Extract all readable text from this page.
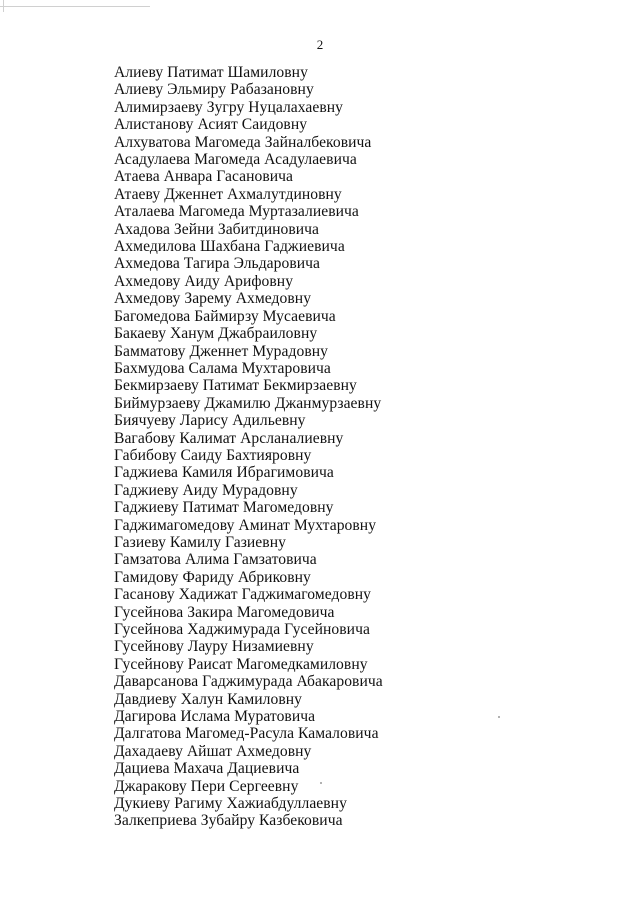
2
Алиеву Патимат Шамиловну
Алиеву Эльмиру Рабазановну
Алимирзаеву Зугру Нуцалахаевну
Алистанову Асият Саидовну
Алхуватова Магомеда Зайналбековича
Асадулаева Магомеда Асадулаевича
Атаева Анвара Гасановича
Атаеву Дженнет Ахмалутдиновну
Аталаева Магомеда Муртазалиевича
Ахадова Зейни Забитдиновича
Ахмедилова Шахбана Гаджиевича
Ахмедова Тагира Эльдаровича
Ахмедову Аиду Арифовну
Ахмедову Зарему Ахмедовну
Багомедова Баймирзу Мусаевича
Бакаеву Ханум Джабраиловну
Бамматову Дженнет Мурадовну
Бахмудова Салама Мухтаровича
Бекмирзаеву Патимат Бекмирзаевну
Биймурзаеву Джамилю Джанмурзаевну
Биячуеву Ларису Адильевну
Вагабову Калимат Арсланалиевну
Габибову Саиду Бахтияровну
Гаджиева Камиля Ибрагимовича
Гаджиеву Аиду Мурадовну
Гаджиеву Патимат Магомедовну
Гаджимагомедову Аминат Мухтаровну
Газиеву Камилу Газиевну
Гамзатова Алима Гамзатовича
Гамидову Фариду Абриковну
Гасанову Хадижат Гаджимагомедовну
Гусейнова Закира Магомедовича
Гусейнова Хаджимурада Гусейновича
Гусейнову Лауру Низамиевну
Гусейнову Раисат Магомедкамиловну
Даварсанова Гаджимурада Абакаровича
Давдиеву Халун Камиловну
Дагирова Ислама Муратовича
Далгатова Магомед-Расула Камаловича
Дахадаеву Айшат Ахмедовну
Дациева Махача Дациевича
Джаракову Пери Сергеевну
Дукиеву Рагиму Хажиабдуллаевну
Залкеприева Зубайру Казбековича
